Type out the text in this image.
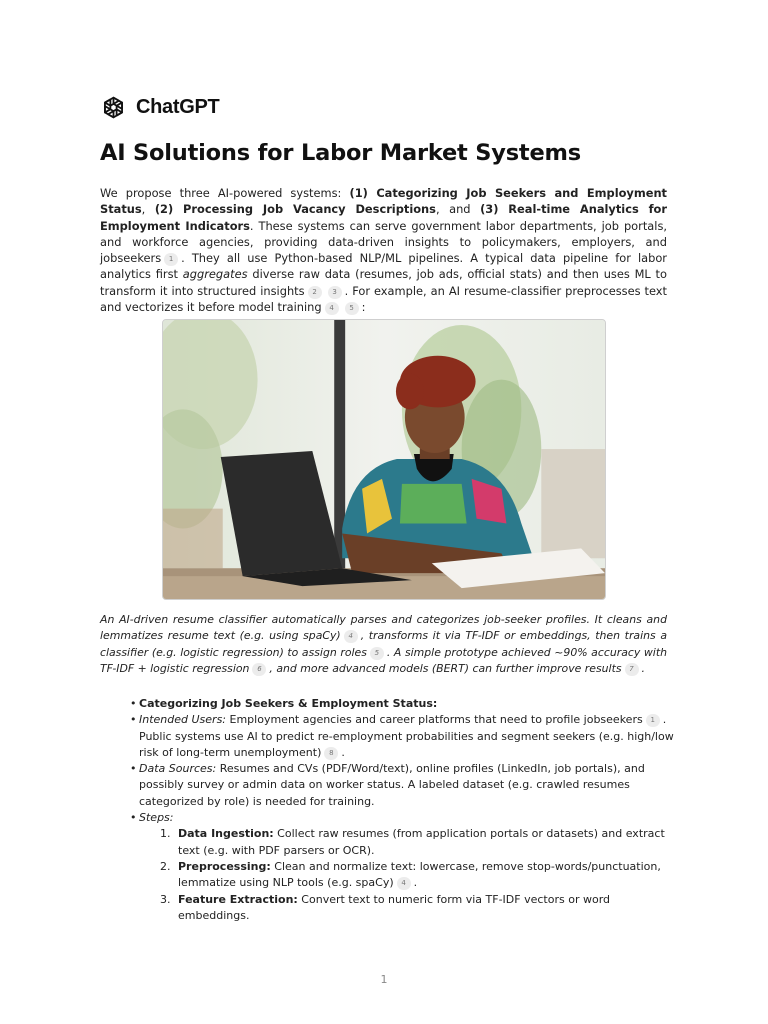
ChatGPT
AI Solutions for Labor Market Systems

We propose three AI-powered systems: (1) Categorizing Job Seekers and Employment Status, (2) Processing Job Vacancy Descriptions, and (3) Real-time Analytics for Employment Indicators. These systems can serve government labor departments, job portals, and workforce agencies, providing data-driven insights to policymakers, employers, and jobseekers 1 . They all use Python-based NLP/ML pipelines. A typical data pipeline for labor analytics first aggregates diverse raw data (resumes, job ads, official stats) and then uses ML to transform it into structured insights 2 3 . For example, an AI resume-classifier preprocesses text and vectorizes it before model training 4 5 :

An AI-driven resume classifier automatically parses and categorizes job-seeker profiles. It cleans and lemmatizes resume text (e.g. using spaCy) 4 , transforms it via TF-IDF or embeddings, then trains a classifier (e.g. logistic regression) to assign roles 5 . A simple prototype achieved ~90% accuracy with TF-IDF + logistic regression 6 , and more advanced models (BERT) can further improve results 7 .

• Categorizing Job Seekers & Employment Status:
• Intended Users: Employment agencies and career platforms that need to profile jobseekers 1 . Public systems use AI to predict re-employment probabilities and segment seekers (e.g. high/low risk of long-term unemployment) 8 .
• Data Sources: Resumes and CVs (PDF/Word/text), online profiles (LinkedIn, job portals), and possibly survey or admin data on worker status. A labeled dataset (e.g. crawled resumes categorized by role) is needed for training.
• Steps:
1. Data Ingestion: Collect raw resumes (from application portals or datasets) and extract text (e.g. with PDF parsers or OCR).
2. Preprocessing: Clean and normalize text: lowercase, remove stop-words/punctuation, lemmatize using NLP tools (e.g. spaCy) 4 .
3. Feature Extraction: Convert text to numeric form via TF-IDF vectors or word embeddings.
1
